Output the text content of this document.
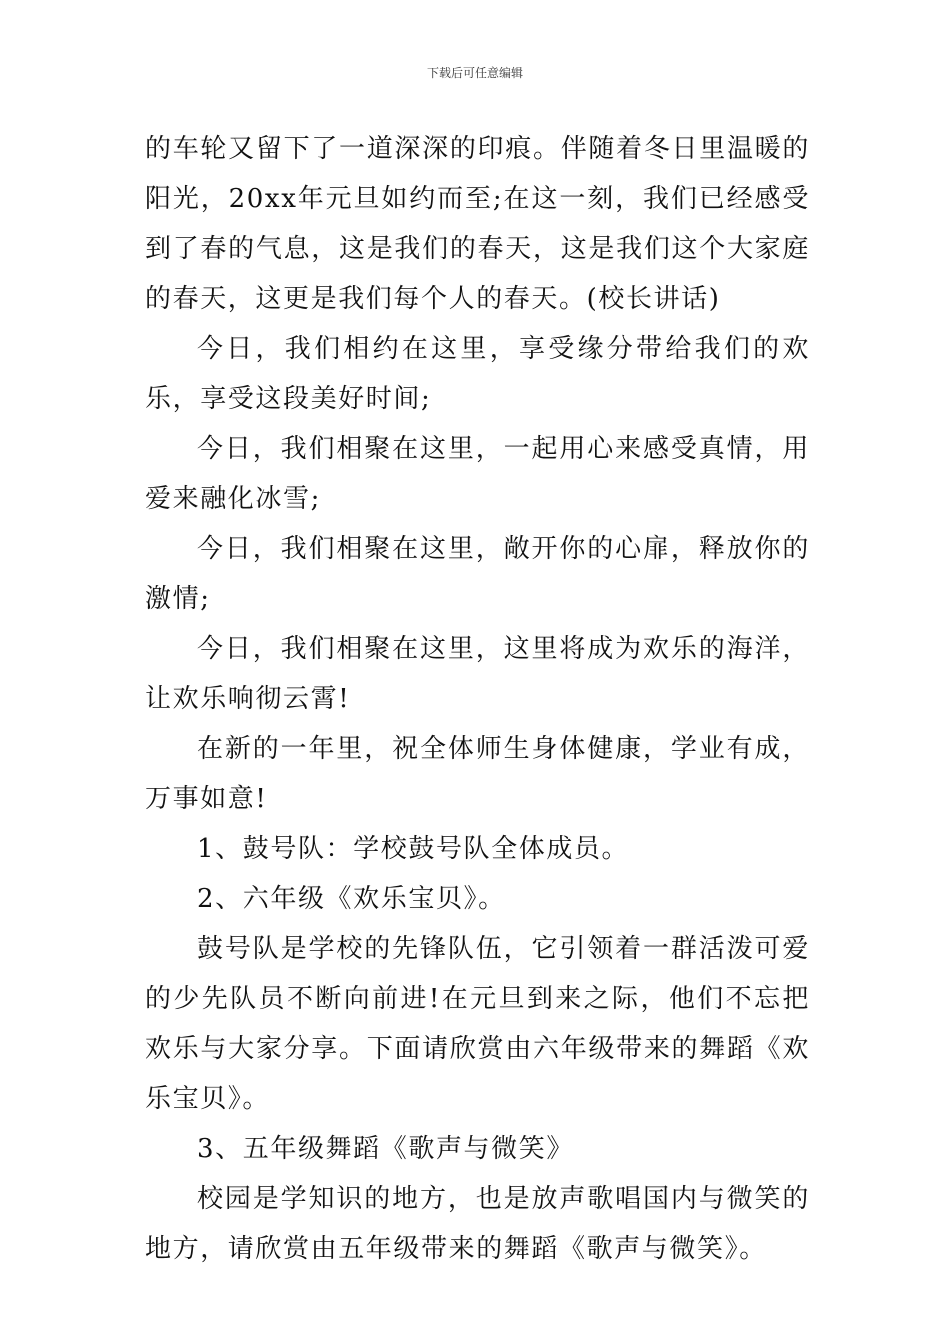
下载后可任意编辑

的车轮又留下了一道深深的印痕。伴随着冬日里温暖的阳光，20xx年元旦如约而至;在这一刻，我们已经感受到了春的气息，这是我们的春天，这是我们这个大家庭的春天，这更是我们每个人的春天。(校长讲话)

今日，我们相约在这里，享受缘分带给我们的欢乐，享受这段美好时间;

今日，我们相聚在这里，一起用心来感受真情，用爱来融化冰雪;

今日，我们相聚在这里，敞开你的心扉，释放你的激情;

今日，我们相聚在这里，这里将成为欢乐的海洋，让欢乐响彻云霄!

在新的一年里，祝全体师生身体健康，学业有成，万事如意!

1、鼓号队：学校鼓号队全体成员。

2、六年级《欢乐宝贝》。

鼓号队是学校的先锋队伍，它引领着一群活泼可爱的少先队员不断向前进!在元旦到来之际，他们不忘把欢乐与大家分享。下面请欣赏由六年级带来的舞蹈《欢乐宝贝》。

3、五年级舞蹈《歌声与微笑》

校园是学知识的地方，也是放声歌唱国内与微笑的地方，请欣赏由五年级带来的舞蹈《歌声与微笑》。
